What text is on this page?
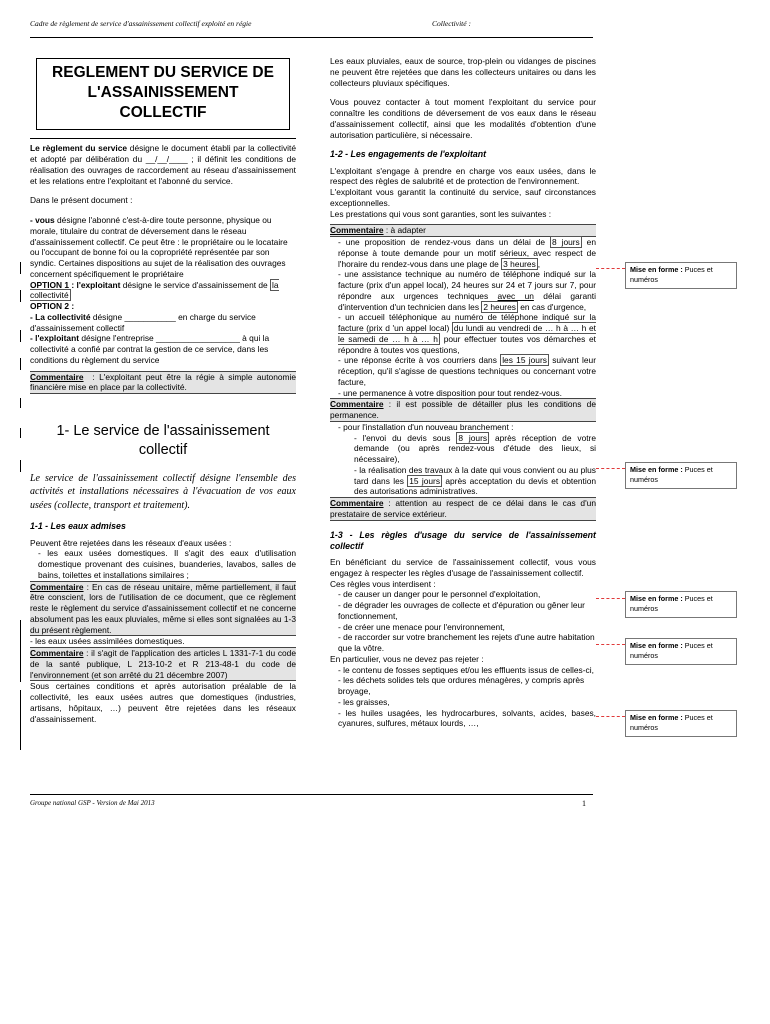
Cadre de règlement de service d'assainissement collectif exploité en régie	Collectivité :
REGLEMENT DU SERVICE DE
L'ASSAINISSEMENT
COLLECTIF

Le règlement du service désigne le document établi par la collectivité et adopté par délibération du __/__/____ ; il définit les conditions de réalisation des ouvrages de raccordement au réseau d'assainissement et les relations entre l'exploitant et l'abonné du service.

Dans le présent document :

- vous désigne l'abonné c'est-à-dire toute personne, physique ou morale, titulaire du contrat de déversement dans le réseau d'assainissement collectif. Ce peut être : le propriétaire ou le locataire ou l'occupant de bonne foi ou la copropriété représentée par son syndic. Certaines dispositions au sujet de la réalisation des ouvrages concernent spécifiquement le propriétaire

OPTION 1 : l'exploitant désigne le service d'assainissement de la collectivité

OPTION 2 :

- La collectivité désigne ___________ en charge du service d'assainissement collectif

- l'exploitant désigne l'entreprise __________________ à qui la collectivité a confié par contrat la gestion de ce service, dans les conditions du règlement du service

Commentaire  : L'exploitant peut être la régie à simple autonomie financière mise en place par la collectivité.

1- Le service de l'assainissement
collectif

Le service de l'assainissement collectif désigne l'ensemble des activités et installations nécessaires à l'évacuation de vos eaux usées (collecte, transport et traitement).

1-1 - Les eaux admises

Peuvent être rejetées dans les réseaux d'eaux usées :

- les eaux usées domestiques. Il s'agit des eaux d'utilisation domestique provenant des cuisines, buanderies, lavabos, salles de bains, toilettes et installations similaires ;

Commentaire : En cas de réseau unitaire, même partiellement, il faut être conscient, lors de l'utilisation de ce document, que ce règlement reste le règlement du service d'assainissement collectif et ne concerne absolument pas les eaux pluviales, même si elles sont signalées au 1-3 du présent règlement.

- les eaux usées assimilées domestiques.

Commentaire : il s'agit de l'application des articles L 1331-7-1 du code de la santé publique, L 213-10-2 et R 213-48-1 du code de l'environnement (et son arrêté du 21 décembre 2007)

Sous certaines conditions et après autorisation préalable de la collectivité, les eaux usées autres que domestiques (industries, artisans, hôpitaux, …) peuvent être rejetées dans les réseaux d'assainissement.

Les eaux pluviales, eaux de source, trop-plein ou vidanges de piscines ne peuvent être rejetées que dans les collecteurs unitaires ou dans les collecteurs pluviaux spécifiques.

Vous pouvez contacter à tout moment l'exploitant du service pour connaître les conditions de déversement de vos eaux dans le réseau d'assainissement collectif, ainsi que les modalités d'obtention d'une autorisation particulière, si nécessaire.

1-2 - Les engagements de l'exploitant

L'exploitant s'engage à prendre en charge vos eaux usées, dans le respect des règles de salubrité et de protection de l'environnement.

L'exploitant vous garantit la continuité du service, sauf circonstances exceptionnelles.

Les prestations qui vous sont garanties, sont les suivantes :

Commentaire : à adapter

- une proposition de rendez-vous dans un délai de 8 jours en réponse à toute demande pour un motif sérieux, avec respect de l'horaire du rendez-vous dans une plage de 3 heures ,

- une assistance technique au numéro de téléphone indiqué sur la facture (prix d'un appel local), 24 heures sur 24 et 7 jours sur 7, pour répondre aux urgences techniques avec un délai garanti d'intervention d'un technicien dans les 2 heures en cas d'urgence,

- un accueil téléphonique au numéro de téléphone indiqué sur la facture (prix d 'un appel local) du lundi au vendredi de … h à … h et le samedi de … h à … h pour effectuer toutes vos démarches et répondre à toutes vos questions,

- une réponse écrite à vos courriers dans les 15 jours suivant leur réception, qu'il s'agisse de questions techniques ou concernant votre facture,

- une permanence à votre disposition pour tout rendez-vous.

Commentaire : il est possible de détailler plus les conditions de permanence.

- pour l'installation d'un nouveau branchement :

- l'envoi du devis sous 8 jours après réception de votre demande (ou après rendez-vous d'étude des lieux, si nécessaire),

- la réalisation des travaux à la date qui vous convient ou au plus tard dans les 15 jours après acceptation du devis et obtention des autorisations administratives.

Commentaire : attention au respect de ce délai dans le cas d'un prestataire de service extérieur.

1-3 - Les règles d'usage du service de l'assainissement collectif

En bénéficiant du service de l'assainissement collectif, vous vous engagez à respecter les règles d'usage de l'assainissement collectif.

Ces règles vous interdisent :

- de causer un danger pour le personnel d'exploitation,

- de dégrader les ouvrages de collecte et d'épuration ou gêner leur fonctionnement,

- de créer une menace pour l'environnement,

- de raccorder sur votre branchement les rejets d'une autre habitation que la vôtre.

En particulier, vous ne devez pas rejeter :

- le contenu de fosses septiques et/ou les effluents issus de celles-ci,

- les déchets solides tels que ordures ménagères, y compris après broyage,

- les graisses,

- les huiles usagées, les hydrocarbures, solvants, acides, bases, cyanures, sulfures, métaux lourds, …,

Mise en forme : Puces et numéros
Mise en forme : Puces et numéros
Mise en forme : Puces et numéros
Mise en forme : Puces et numéros
Mise en forme : Puces et numéros
Groupe national GSP - Version de Mai 2013	1
